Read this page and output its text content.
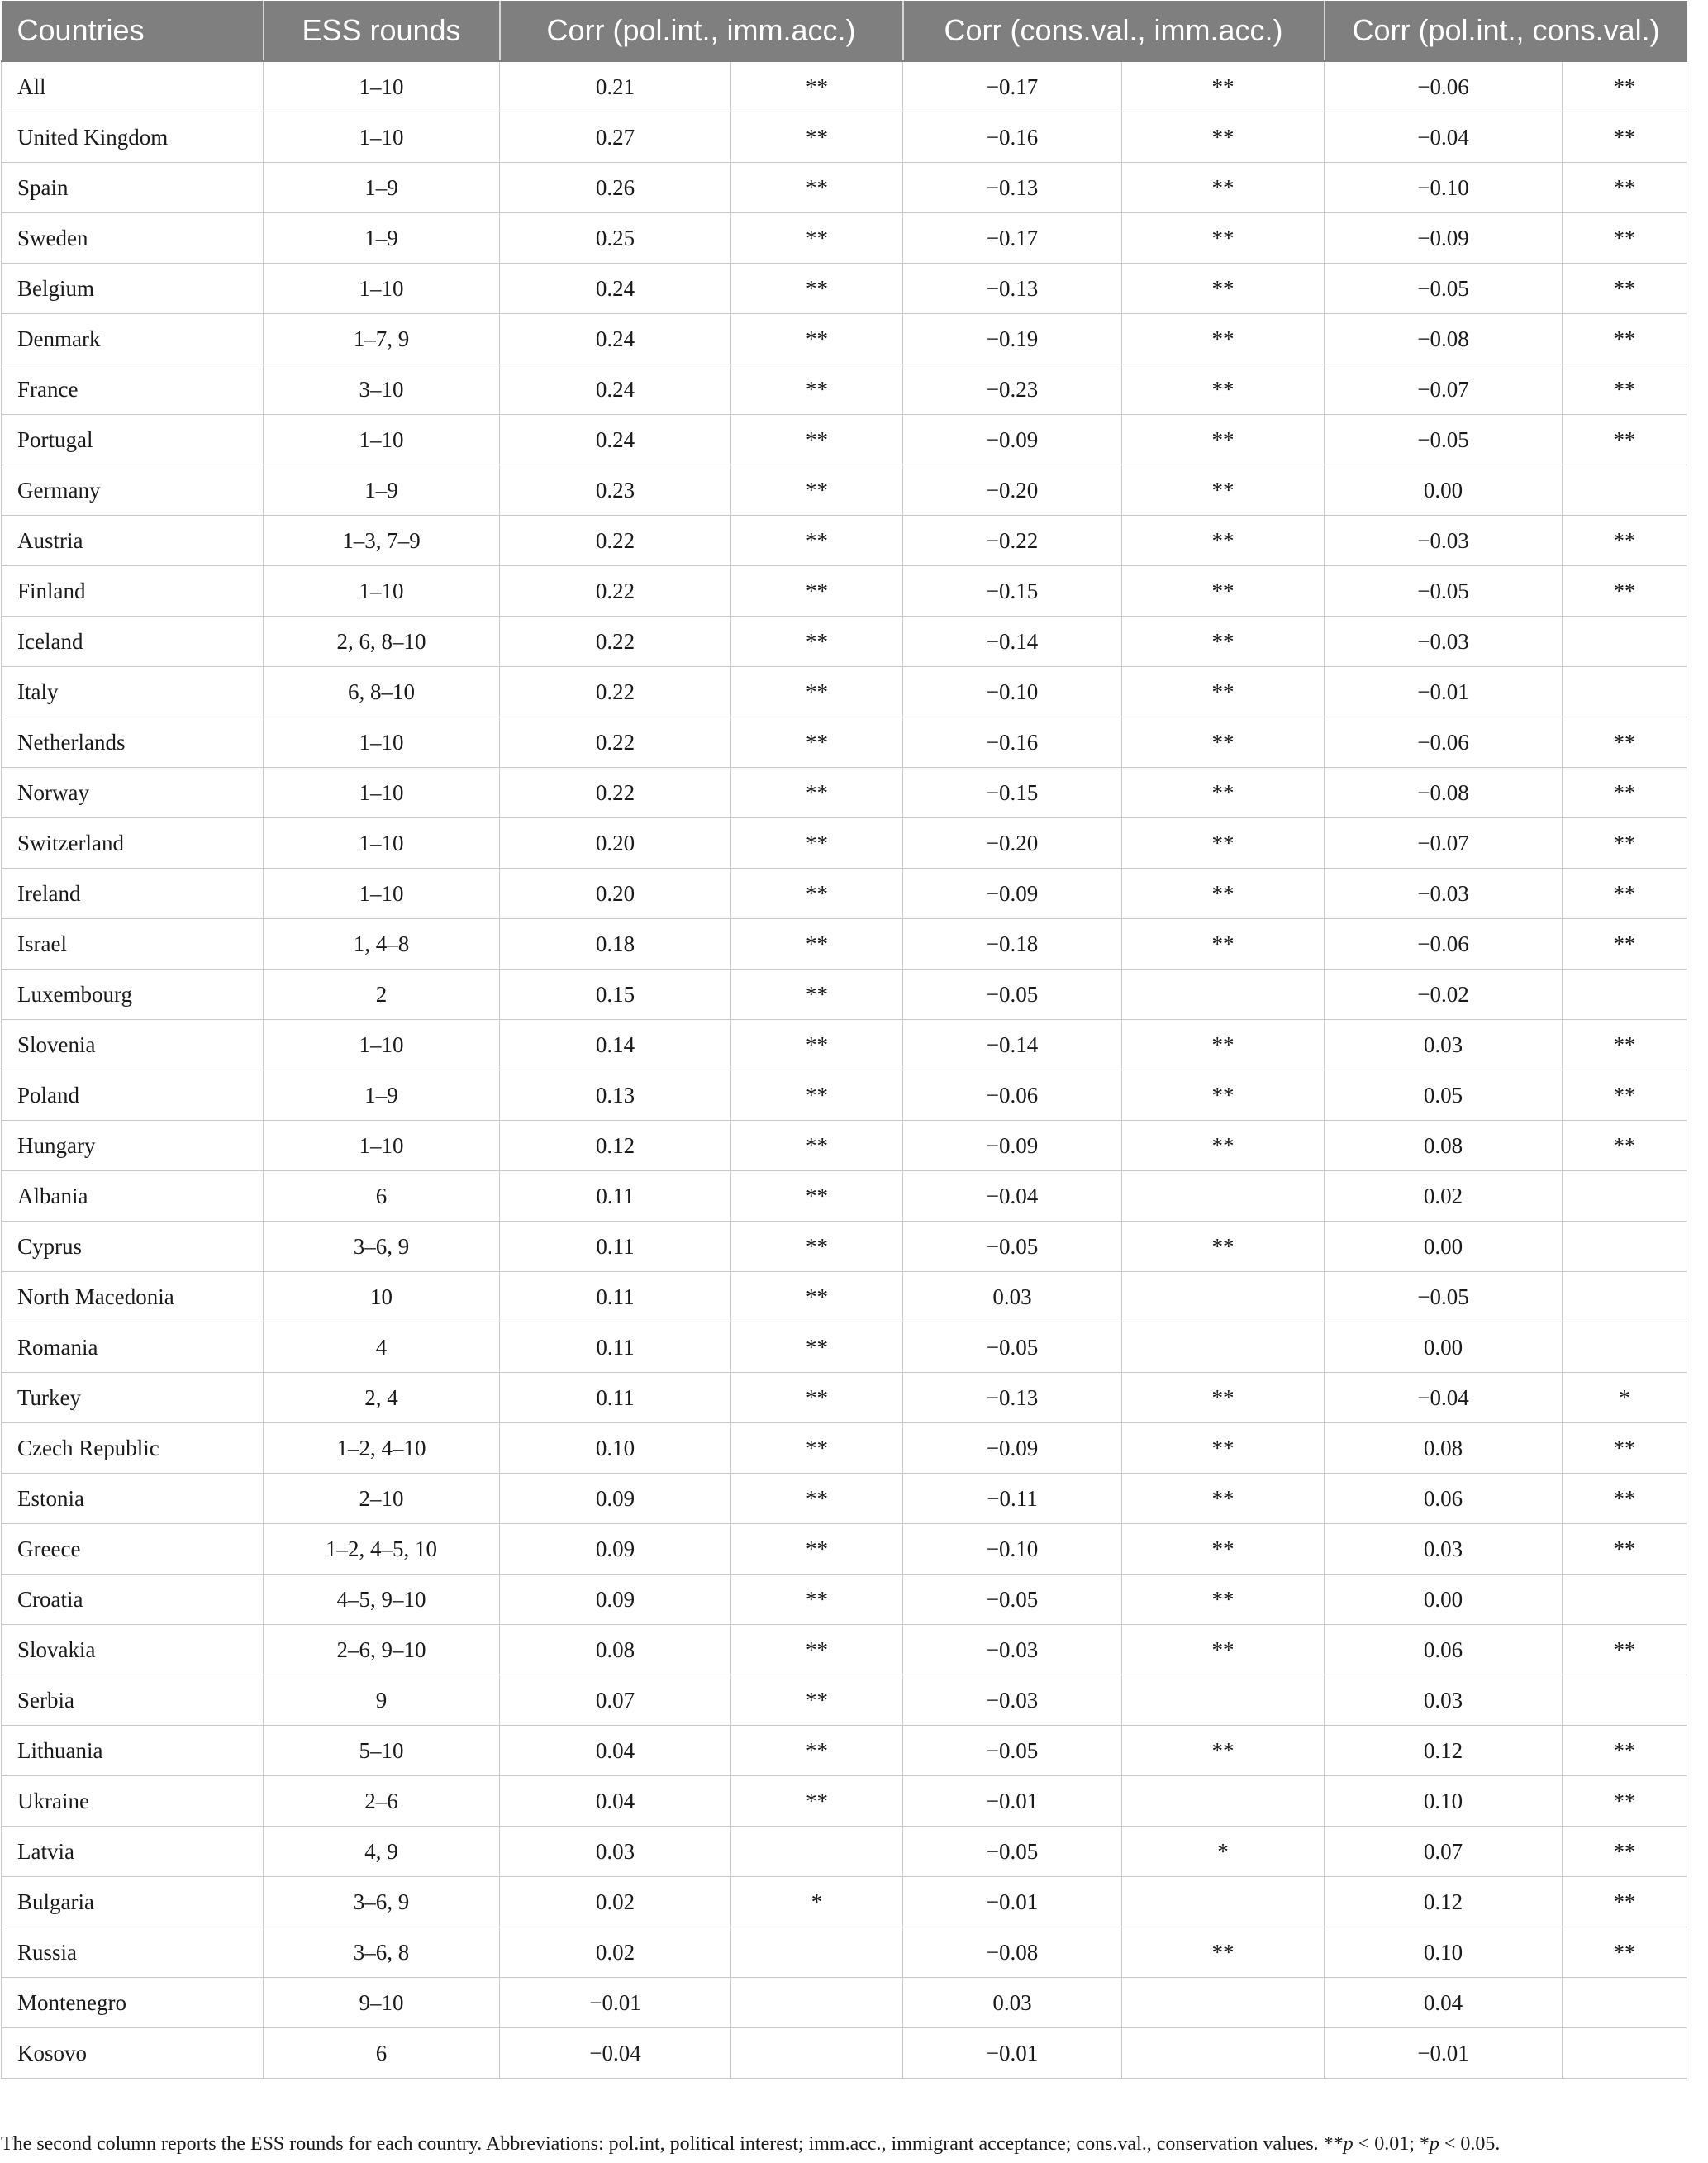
Countries	ESS rounds	Corr (pol.int., imm.acc.)		Corr (cons.val., imm.acc.)		Corr (pol.int., cons.val.)	
All	1–10	0.21	**	−0.17	**	−0.06	**
United Kingdom	1–10	0.27	**	−0.16	**	−0.04	**
Spain	1–9	0.26	**	−0.13	**	−0.10	**
Sweden	1–9	0.25	**	−0.17	**	−0.09	**
Belgium	1–10	0.24	**	−0.13	**	−0.05	**
Denmark	1–7, 9	0.24	**	−0.19	**	−0.08	**
France	3–10	0.24	**	−0.23	**	−0.07	**
Portugal	1–10	0.24	**	−0.09	**	−0.05	**
Germany	1–9	0.23	**	−0.20	**	0.00	
Austria	1–3, 7–9	0.22	**	−0.22	**	−0.03	**
Finland	1–10	0.22	**	−0.15	**	−0.05	**
Iceland	2, 6, 8–10	0.22	**	−0.14	**	−0.03	
Italy	6, 8–10	0.22	**	−0.10	**	−0.01	
Netherlands	1–10	0.22	**	−0.16	**	−0.06	**
Norway	1–10	0.22	**	−0.15	**	−0.08	**
Switzerland	1–10	0.20	**	−0.20	**	−0.07	**
Ireland	1–10	0.20	**	−0.09	**	−0.03	**
Israel	1, 4–8	0.18	**	−0.18	**	−0.06	**
Luxembourg	2	0.15	**	−0.05		−0.02	
Slovenia	1–10	0.14	**	−0.14	**	0.03	**
Poland	1–9	0.13	**	−0.06	**	0.05	**
Hungary	1–10	0.12	**	−0.09	**	0.08	**
Albania	6	0.11	**	−0.04		0.02	
Cyprus	3–6, 9	0.11	**	−0.05	**	0.00	
North Macedonia	10	0.11	**	0.03		−0.05	
Romania	4	0.11	**	−0.05		0.00	
Turkey	2, 4	0.11	**	−0.13	**	−0.04	*
Czech Republic	1–2, 4–10	0.10	**	−0.09	**	0.08	**
Estonia	2–10	0.09	**	−0.11	**	0.06	**
Greece	1–2, 4–5, 10	0.09	**	−0.10	**	0.03	**
Croatia	4–5, 9–10	0.09	**	−0.05	**	0.00	
Slovakia	2–6, 9–10	0.08	**	−0.03	**	0.06	**
Serbia	9	0.07	**	−0.03		0.03	
Lithuania	5–10	0.04	**	−0.05	**	0.12	**
Ukraine	2–6	0.04	**	−0.01		0.10	**
Latvia	4, 9	0.03		−0.05	*	0.07	**
Bulgaria	3–6, 9	0.02	*	−0.01		0.12	**
Russia	3–6, 8	0.02		−0.08	**	0.10	**
Montenegro	9–10	−0.01		0.03		0.04	
Kosovo	6	−0.04		−0.01		−0.01	
The second column reports the ESS rounds for each country. Abbreviations: pol.int, political interest; imm.acc., immigrant acceptance; cons.val., conservation values. **p < 0.01; *p < 0.05.
